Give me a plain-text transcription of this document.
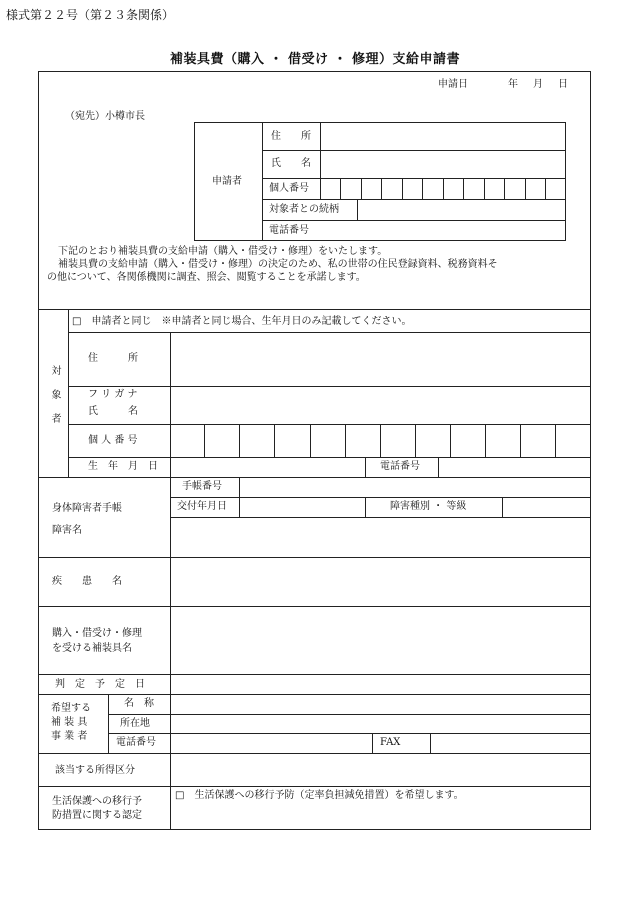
様式第２２号（第２３条関係）
補装具費（購入 ・ 借受け ・ 修理）支給申請書
申請日	年 月 日
（宛先）小樽市長
申請者
住　　所
氏　　名
個人番号
対象者との続柄
電話番号
下記のとおり補装具費の支給申請（購入・借受け・修理）をいたします。
補装具費の支給申請（購入・借受け・修理）の決定のため、私の世帯の住民登録資料、税務資料そ
の他について、各関係機関に調査、照会、閲覧することを承諾します。
対象者
□　申請者と同じ　※申請者と同じ場合、生年月日のみ記載してください。
住　　　所
フ リ ガ ナ
氏　　　名
個 人 番 号
生　年　月　日	電話番号
身体障害者手帳
障害名
手帳番号
交付年月日	障害種別 ・ 等級
疾　　患　　名
購入・借受け・修理
を受ける補装具名
判　定　予　定　日
希望する
補 装 具
事 業 者
名　称
所在地
電話番号	FAX
該当する所得区分
生活保護への移行予
防措置に関する認定
□　生活保護への移行予防（定率負担減免措置）を希望します。
